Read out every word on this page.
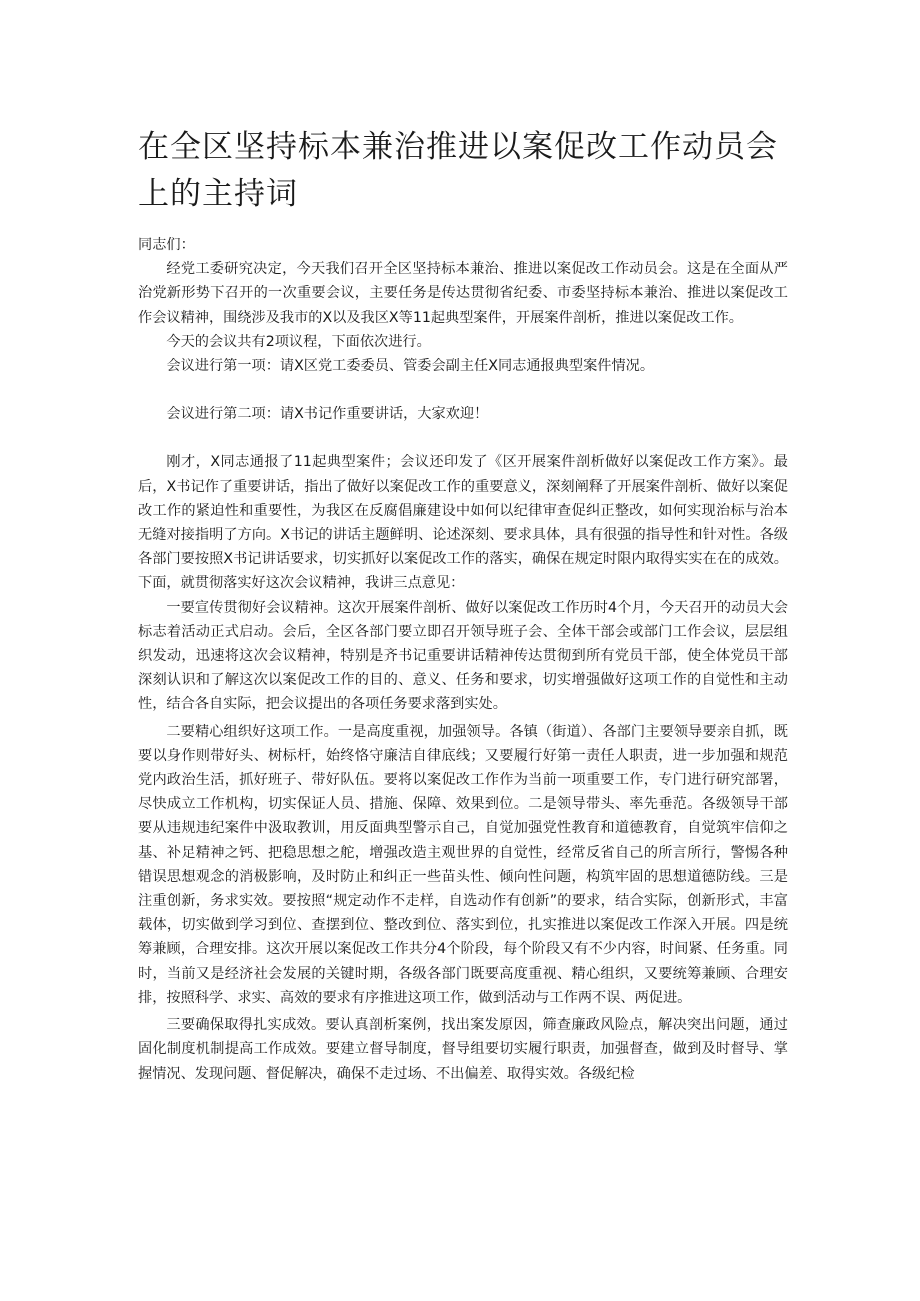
在全区坚持标本兼治推进以案促改工作动员会上的主持词

同志们：

经党工委研究决定，今天我们召开全区坚持标本兼治、推进以案促改工作动员会。这是在全面从严治党新形势下召开的一次重要会议，主要任务是传达贯彻省纪委、市委坚持标本兼治、推进以案促改工作会议精神，围绕涉及我市的X以及我区X等11起典型案件，开展案件剖析，推进以案促改工作。

今天的会议共有2项议程，下面依次进行。

会议进行第一项：请X区党工委委员、管委会副主任X同志通报典型案件情况。

会议进行第二项：请X书记作重要讲话，大家欢迎！

刚才，X同志通报了11起典型案件；会议还印发了《区开展案件剖析做好以案促改工作方案》。最后，X书记作了重要讲话，指出了做好以案促改工作的重要意义，深刻阐释了开展案件剖析、做好以案促改工作的紧迫性和重要性，为我区在反腐倡廉建设中如何以纪律审查促纠正整改，如何实现治标与治本无缝对接指明了方向。X书记的讲话主题鲜明、论述深刻、要求具体，具有很强的指导性和针对性。各级各部门要按照X书记讲话要求，切实抓好以案促改工作的落实，确保在规定时限内取得实实在在的成效。下面，就贯彻落实好这次会议精神，我讲三点意见：

一要宣传贯彻好会议精神。这次开展案件剖析、做好以案促改工作历时4个月，今天召开的动员大会标志着活动正式启动。会后，全区各部门要立即召开领导班子会、全体干部会或部门工作会议，层层组织发动，迅速将这次会议精神，特别是齐书记重要讲话精神传达贯彻到所有党员干部，使全体党员干部深刻认识和了解这次以案促改工作的目的、意义、任务和要求，切实增强做好这项工作的自觉性和主动性，结合各自实际，把会议提出的各项任务要求落到实处。

二要精心组织好这项工作。一是高度重视，加强领导。各镇（街道）、各部门主要领导要亲自抓，既要以身作则带好头、树标杆，始终恪守廉洁自律底线；又要履行好第一责任人职责，进一步加强和规范党内政治生活，抓好班子、带好队伍。要将以案促改工作作为当前一项重要工作，专门进行研究部署，尽快成立工作机构，切实保证人员、措施、保障、效果到位。二是领导带头、率先垂范。各级领导干部要从违规违纪案件中汲取教训，用反面典型警示自己，自觉加强党性教育和道德教育，自觉筑牢信仰之基、补足精神之钙、把稳思想之舵，增强改造主观世界的自觉性，经常反省自己的所言所行，警惕各种错误思想观念的消极影响，及时防止和纠正一些苗头性、倾向性问题，构筑牢固的思想道德防线。三是注重创新，务求实效。要按照“规定动作不走样，自选动作有创新”的要求，结合实际，创新形式，丰富载体，切实做到学习到位、查摆到位、整改到位、落实到位，扎实推进以案促改工作深入开展。四是统筹兼顾，合理安排。这次开展以案促改工作共分4个阶段，每个阶段又有不少内容，时间紧、任务重。同时，当前又是经济社会发展的关键时期，各级各部门既要高度重视、精心组织，又要统筹兼顾、合理安排，按照科学、求实、高效的要求有序推进这项工作，做到活动与工作两不误、两促进。

三要确保取得扎实成效。要认真剖析案例，找出案发原因，筛查廉政风险点，解决突出问题，通过固化制度机制提高工作成效。要建立督导制度，督导组要切实履行职责，加强督查，做到及时督导、掌握情况、发现问题、督促解决，确保不走过场、不出偏差、取得实效。各级纪检
